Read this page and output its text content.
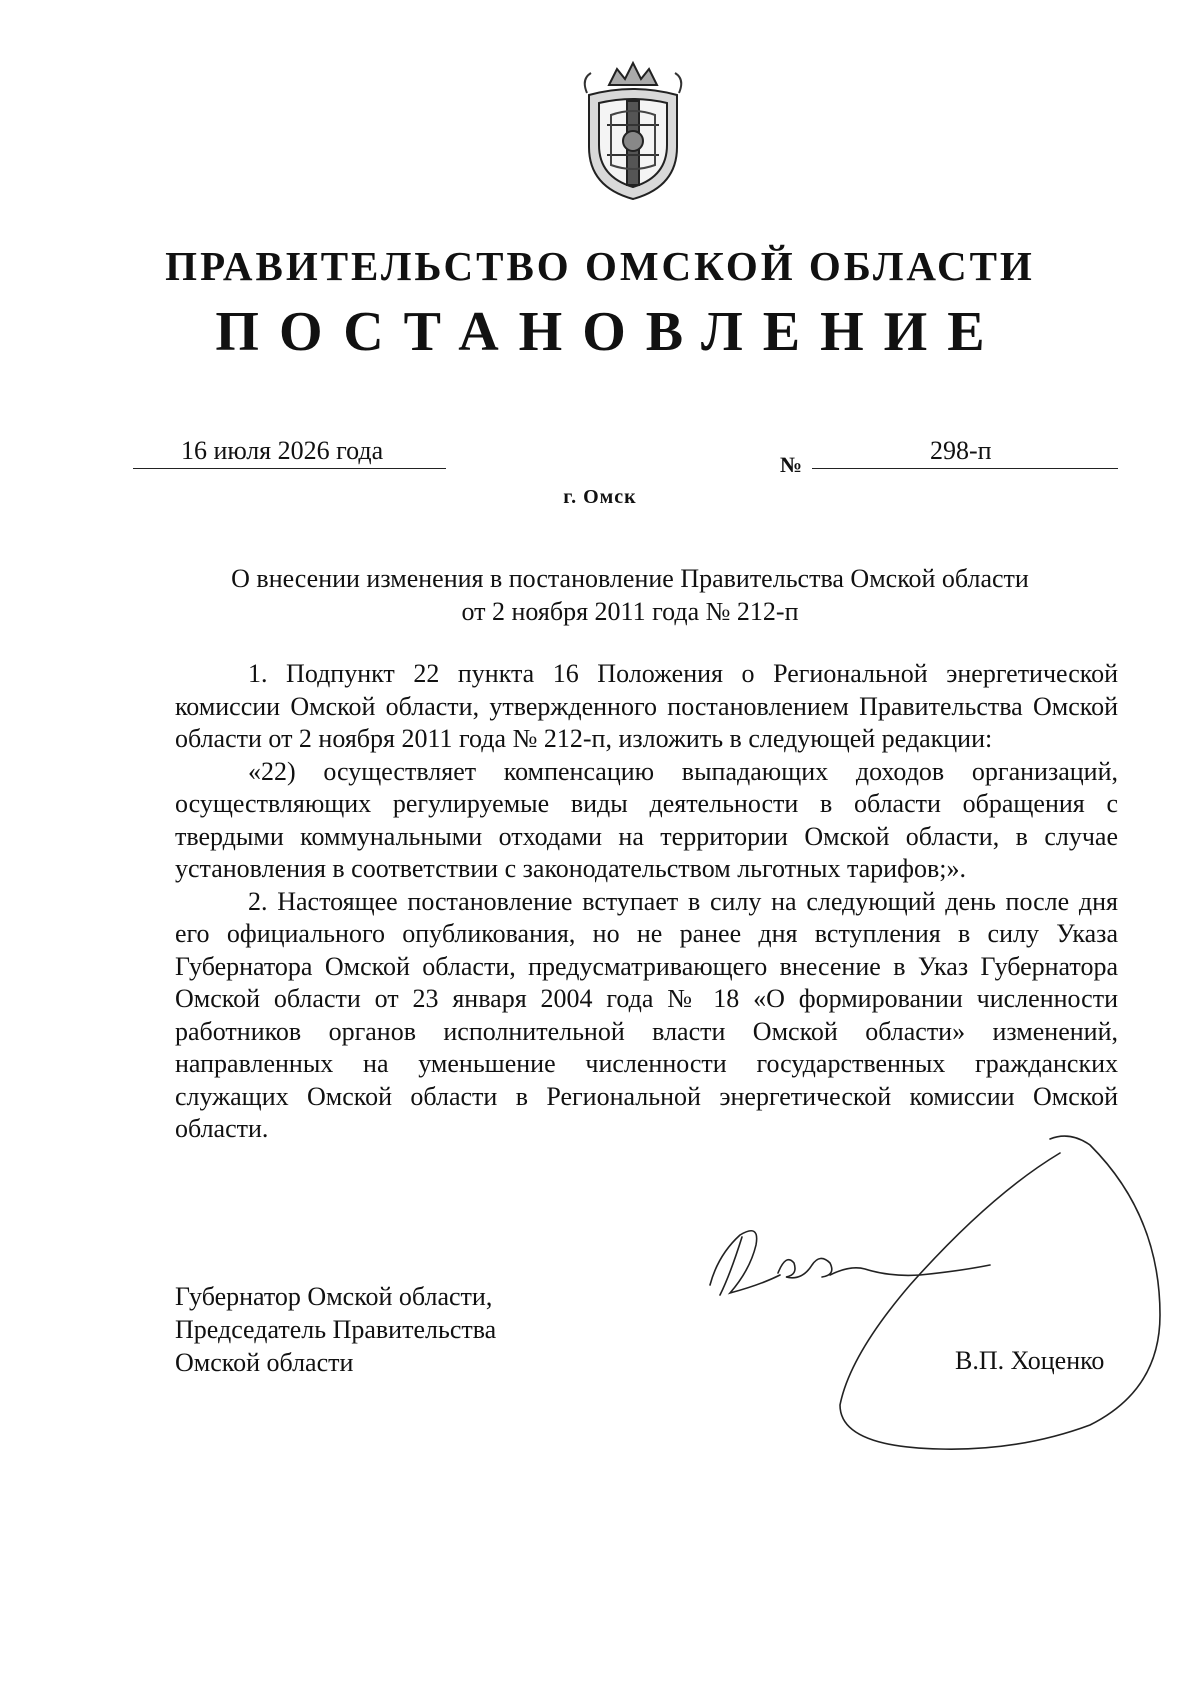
ПРАВИТЕЛЬСТВО ОМСКОЙ ОБЛАСТИ
ПОСТАНОВЛЕНИЕ
16 июля 2026 года	№	298-п
г. Омск
О внесении изменения в постановление Правительства Омской области
от 2 ноября 2011 года № 212-п

1. Подпункт 22 пункта 16 Положения о Региональной энергетической комиссии Омской области, утвержденного постановлением Правительства Омской области от 2 ноября 2011 года № 212-п, изложить в следующей редакции:

«22) осуществляет компенсацию выпадающих доходов организаций, осуществляющих регулируемые виды деятельности в области обращения с твердыми коммунальными отходами на территории Омской области, в случае установления в соответствии с законодательством льготных тарифов;».

2. Настоящее постановление вступает в силу на следующий день после дня его официального опубликования, но не ранее дня вступления в силу Указа Губернатора Омской области, предусматривающего внесение в Указ Губернатора Омской области от 23 января 2004 года № 18 «О формировании численности работников органов исполнительной власти Омской области» изменений, направленных на уменьшение численности государственных гражданских служащих Омской области в Региональной энергетической комиссии Омской области.

Губернатор Омской области,
Председатель Правительства
Омской области	В.П. Хоценко
